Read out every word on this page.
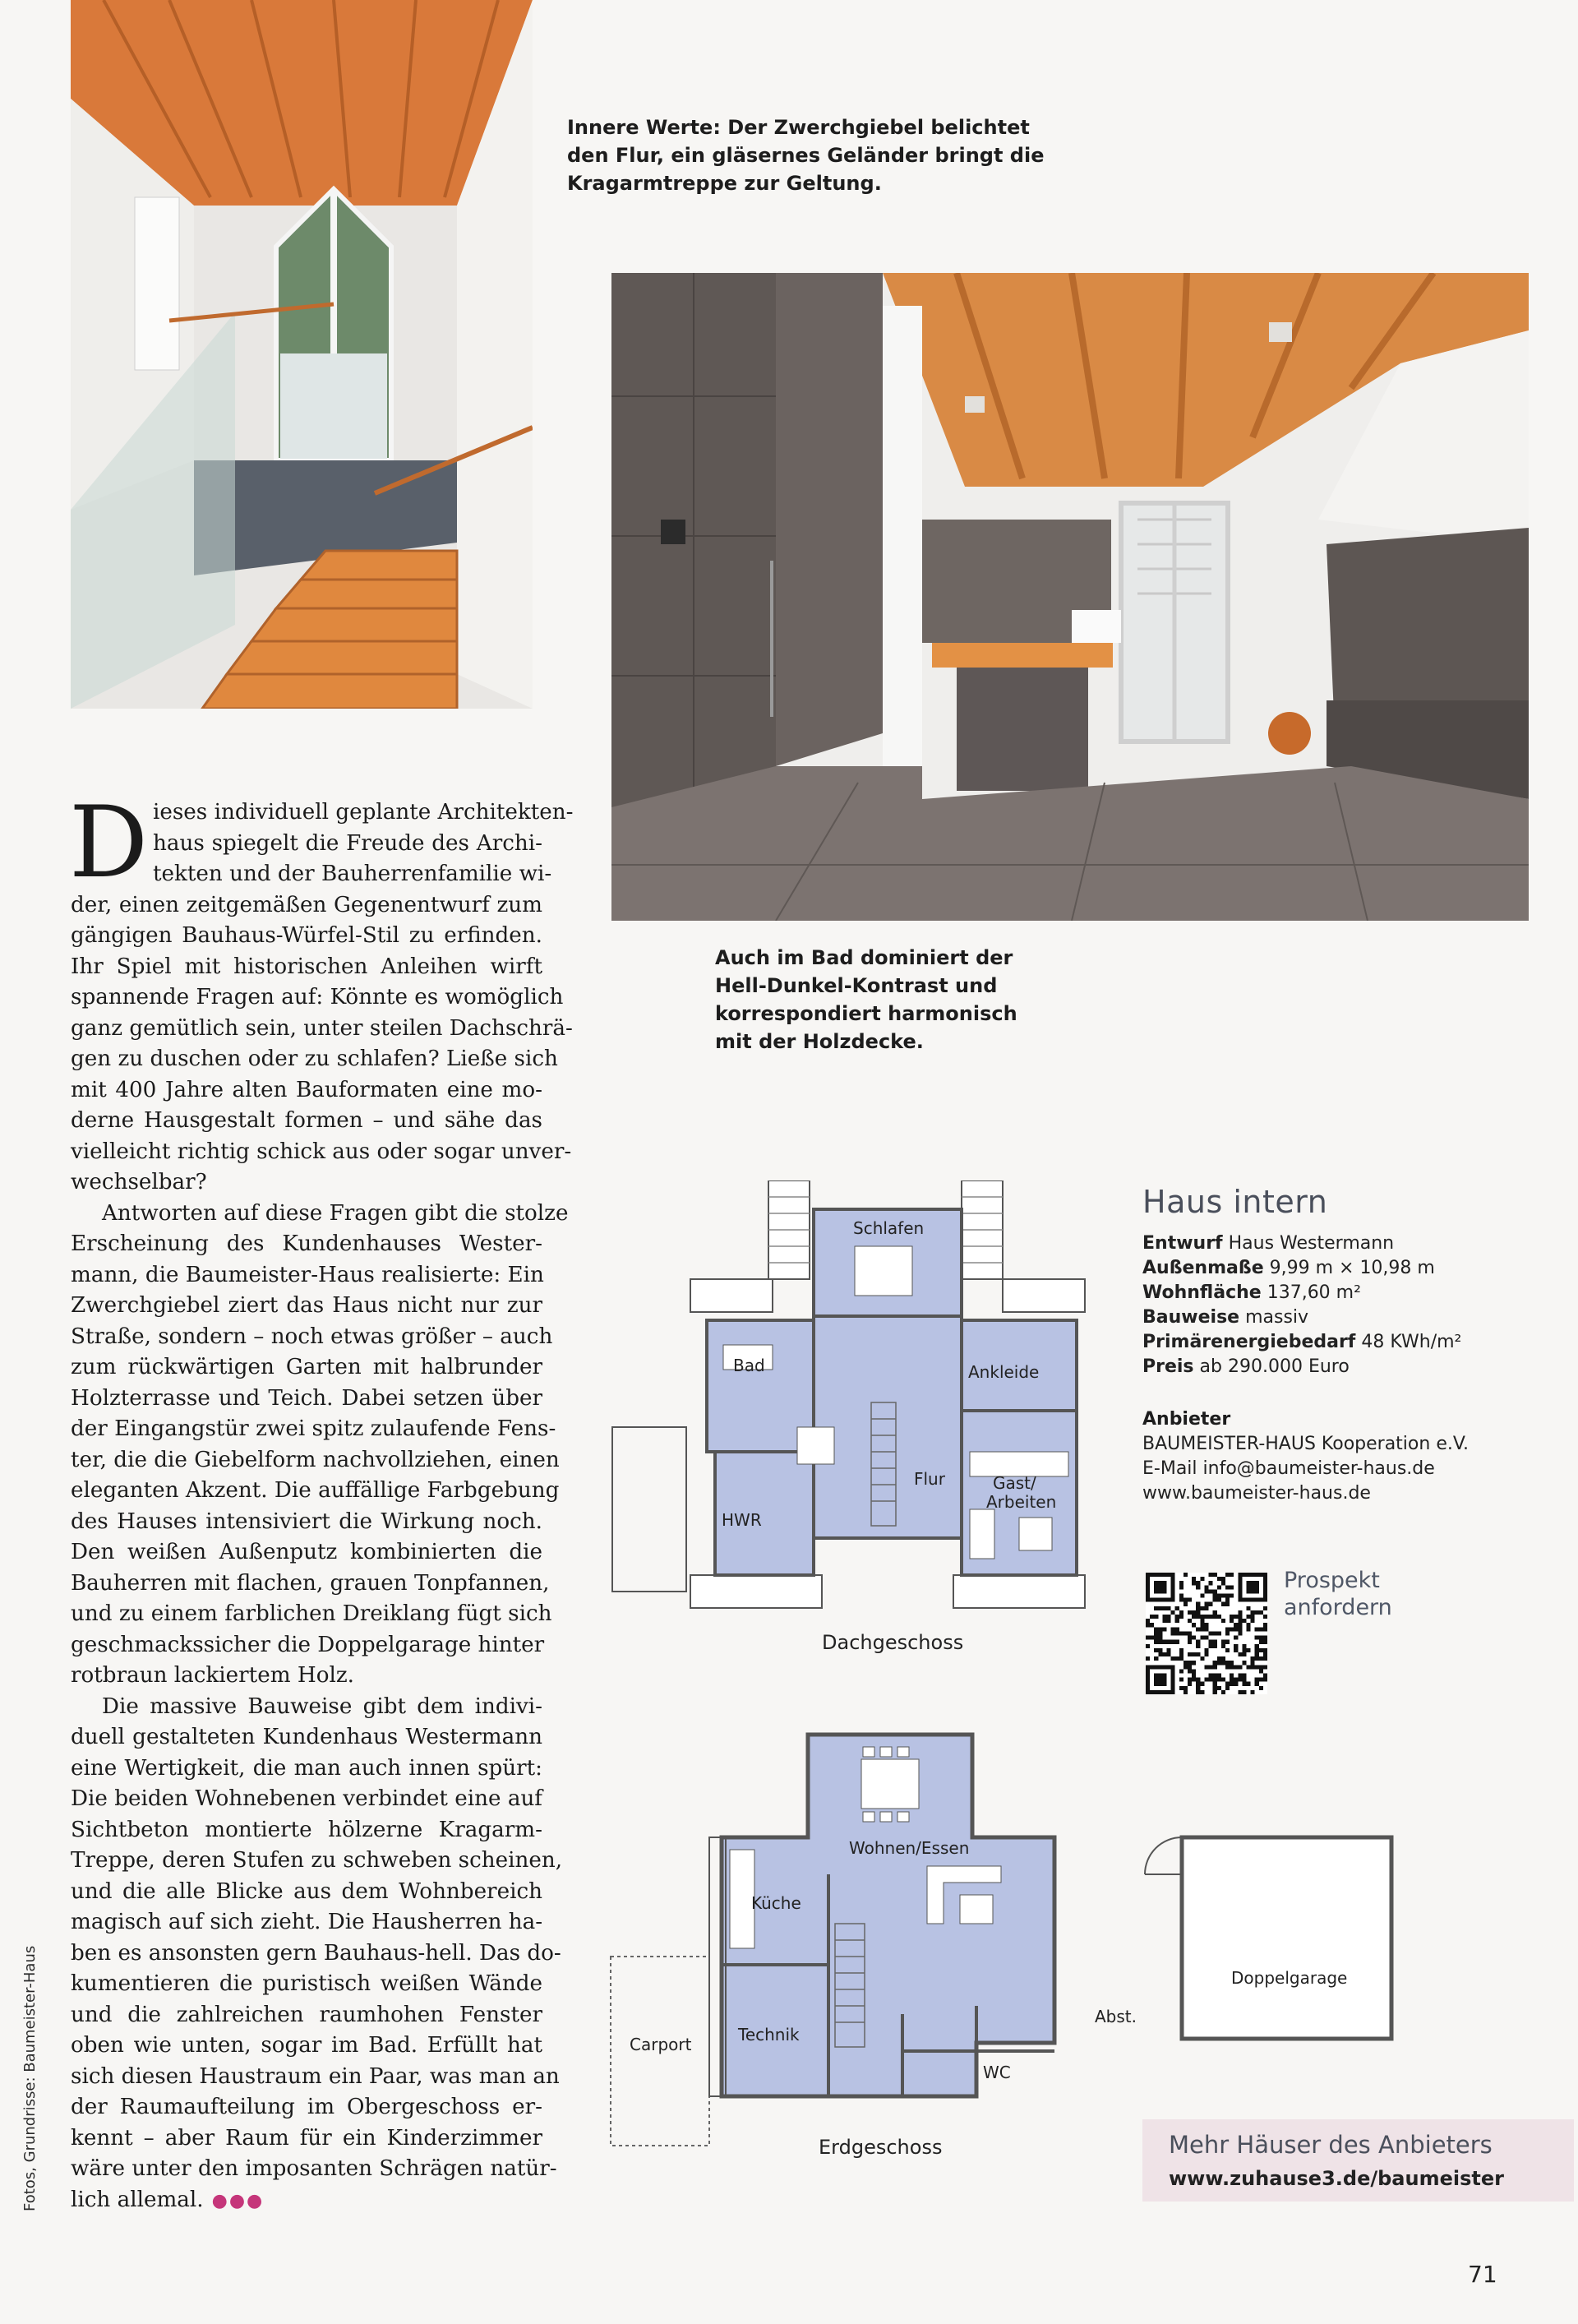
Innere Werte: Der Zwerchgiebel belichtet
den Flur, ein gläsernes Geländer bringt die
Kragarmtreppe zur Geltung.
Auch im Bad dominiert der
Hell-Dunkel-Kontrast und
korrespondiert harmonisch
mit der Holzdecke.
D ieses individuell geplante Architekten-
haus spiegelt die Freude des Archi-
tekten und der Bauherrenfamilie wi-
der, einen zeitgemäßen Gegenentwurf zum
gängigen Bauhaus-Würfel-Stil zu erfinden.
Ihr Spiel mit historischen Anleihen wirft
spannende Fragen auf: Könnte es womöglich
ganz gemütlich sein, unter steilen Dachschrä-
gen zu duschen oder zu schlafen? Ließe sich
mit 400 Jahre alten Bauformaten eine mo-
derne Hausgestalt formen – und sähe das
vielleicht richtig schick aus oder sogar unver-
wechselbar?
Antworten auf diese Fragen gibt die stolze
Erscheinung des Kundenhauses Wester-
mann, die Baumeister-Haus realisierte: Ein
Zwerchgiebel ziert das Haus nicht nur zur
Straße, sondern – noch etwas größer – auch
zum rückwärtigen Garten mit halbrunder
Holzterrasse und Teich. Dabei setzen über
der Eingangstür zwei spitz zulaufende Fens-
ter, die die Giebelform nachvollziehen, einen
eleganten Akzent. Die auffällige Farbgebung
des Hauses intensiviert die Wirkung noch.
Den weißen Außenputz kombinierten die
Bauherren mit flachen, grauen Tonpfannen,
und zu einem farblichen Dreiklang fügt sich
geschmackssicher die Doppelgarage hinter
rotbraun lackiertem Holz.
Die massive Bauweise gibt dem indivi-
duell gestalteten Kundenhaus Westermann
eine Wertigkeit, die man auch innen spürt:
Die beiden Wohnebenen verbindet eine auf
Sichtbeton montierte hölzerne Kragarm-
Treppe, deren Stufen zu schweben scheinen,
und die alle Blicke aus dem Wohnbereich
magisch auf sich zieht. Die Hausherren ha-
ben es ansonsten gern Bauhaus-hell. Das do-
kumentieren die puristisch weißen Wände
und die zahlreichen raumhohen Fenster
oben wie unten, sogar im Bad. Erfüllt hat
sich diesen Haustraum ein Paar, was man an
der Raumaufteilung im Obergeschoss er-
kennt – aber Raum für ein Kinderzimmer
wäre unter den imposanten Schrägen natür-
lich allemal. ●●●
Fotos, Grundrisse: Baumeister-Haus
Schlafen
Bad	Ankleide
Flur	Gast/
Arbeiten
HWR
Dachgeschoss
Haus intern
Entwurf Haus Westermann
Außenmaße 9,99 m × 10,98 m
Wohnfläche 137,60 m²
Bauweise massiv
Primärenergiebedarf 48 KWh/m²
Preis ab 290.000 Euro
Anbieter
BAUMEISTER-HAUS Kooperation e.V.
E-Mail info@baumeister-haus.de
www.baumeister-haus.de
Prospekt
anfordern
Wohnen/Essen
Küche
Technik
WC
Carport
Abst.
Doppelgarage
Erdgeschoss	Mehr Häuser des Anbieters
www.zuhause3.de/baumeister
71
